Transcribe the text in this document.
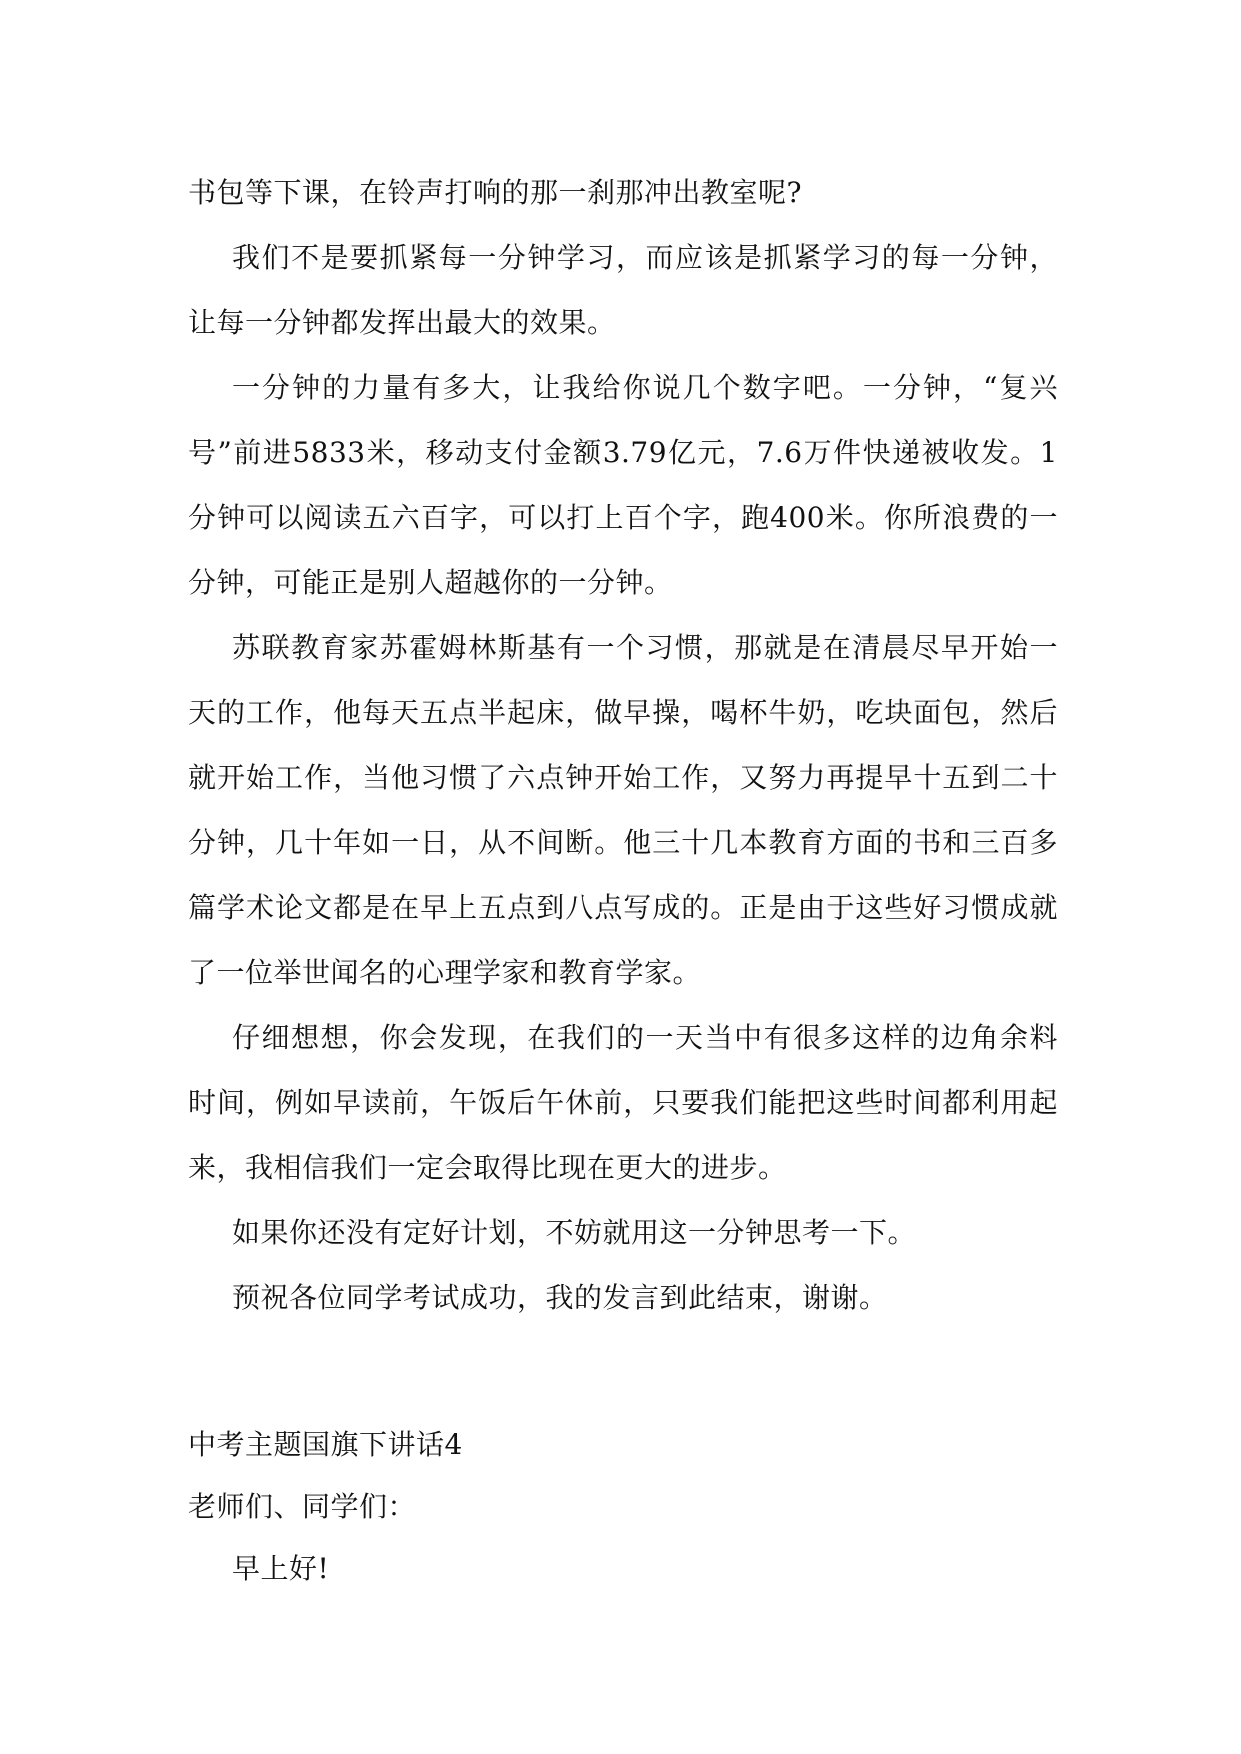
书包等下课，在铃声打响的那一刹那冲出教室呢?

我们不是要抓紧每一分钟学习，而应该是抓紧学习的每一分钟，让每一分钟都发挥出最大的效果。

一分钟的力量有多大，让我给你说几个数字吧。一分钟，“复兴号”前进5833米，移动支付金额3.79亿元，7.6万件快递被收发。1分钟可以阅读五六百字，可以打上百个字，跑400米。你所浪费的一分钟，可能正是别人超越你的一分钟。

苏联教育家苏霍姆林斯基有一个习惯，那就是在清晨尽早开始一天的工作，他每天五点半起床，做早操，喝杯牛奶，吃块面包，然后就开始工作，当他习惯了六点钟开始工作，又努力再提早十五到二十分钟，几十年如一日，从不间断。他三十几本教育方面的书和三百多篇学术论文都是在早上五点到八点写成的。正是由于这些好习惯成就了一位举世闻名的心理学家和教育学家。

仔细想想，你会发现，在我们的一天当中有很多这样的边角余料时间，例如早读前，午饭后午休前，只要我们能把这些时间都利用起来，我相信我们一定会取得比现在更大的进步。

如果你还没有定好计划，不妨就用这一分钟思考一下。

预祝各位同学考试成功，我的发言到此结束，谢谢。

中考主题国旗下讲话4

老师们、同学们：

早上好!
